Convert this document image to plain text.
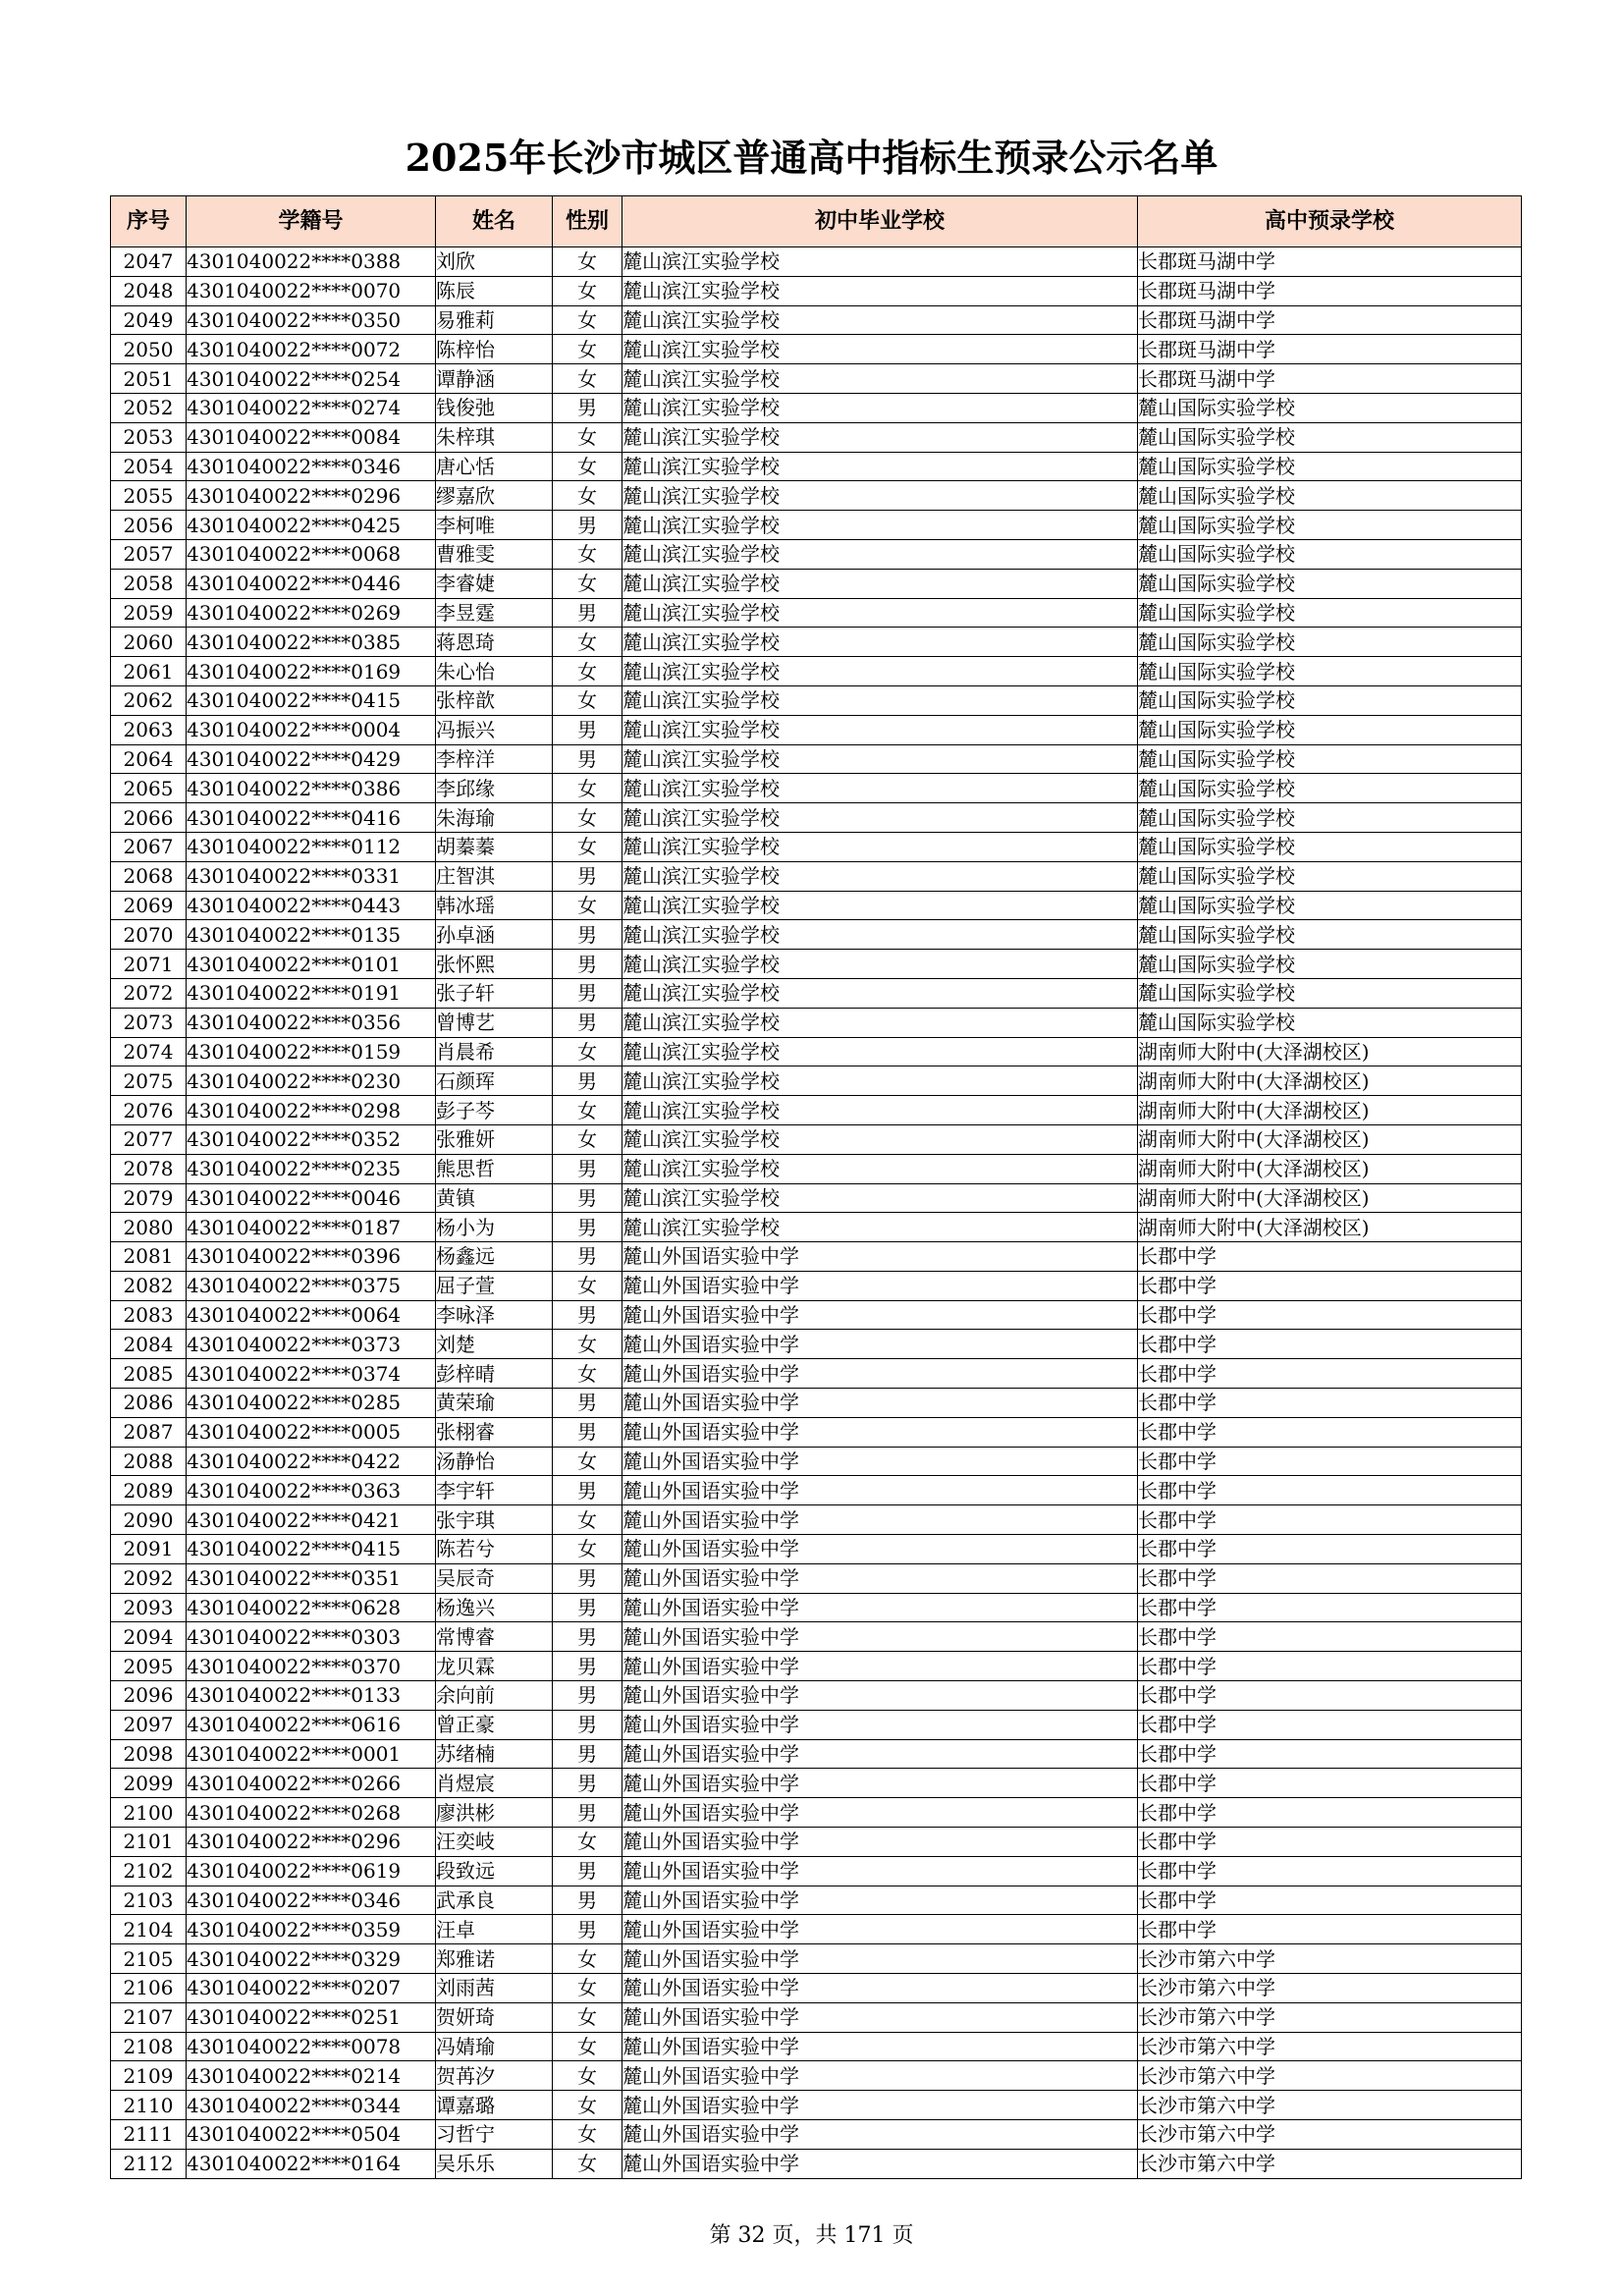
2025年长沙市城区普通高中指标生预录公示名单
序号	学籍号	姓名	性别	初中毕业学校	高中预录学校
2047	4301040022****0388	刘欣	女	麓山滨江实验学校	长郡斑马湖中学
2048	4301040022****0070	陈辰	女	麓山滨江实验学校	长郡斑马湖中学
2049	4301040022****0350	易雅莉	女	麓山滨江实验学校	长郡斑马湖中学
2050	4301040022****0072	陈梓怡	女	麓山滨江实验学校	长郡斑马湖中学
2051	4301040022****0254	谭静涵	女	麓山滨江实验学校	长郡斑马湖中学
2052	4301040022****0274	钱俊弛	男	麓山滨江实验学校	麓山国际实验学校
2053	4301040022****0084	朱梓琪	女	麓山滨江实验学校	麓山国际实验学校
2054	4301040022****0346	唐心恬	女	麓山滨江实验学校	麓山国际实验学校
2055	4301040022****0296	缪嘉欣	女	麓山滨江实验学校	麓山国际实验学校
2056	4301040022****0425	李柯唯	男	麓山滨江实验学校	麓山国际实验学校
2057	4301040022****0068	曹雅雯	女	麓山滨江实验学校	麓山国际实验学校
2058	4301040022****0446	李睿婕	女	麓山滨江实验学校	麓山国际实验学校
2059	4301040022****0269	李昱霆	男	麓山滨江实验学校	麓山国际实验学校
2060	4301040022****0385	蒋恩琦	女	麓山滨江实验学校	麓山国际实验学校
2061	4301040022****0169	朱心怡	女	麓山滨江实验学校	麓山国际实验学校
2062	4301040022****0415	张梓歆	女	麓山滨江实验学校	麓山国际实验学校
2063	4301040022****0004	冯振兴	男	麓山滨江实验学校	麓山国际实验学校
2064	4301040022****0429	李梓洋	男	麓山滨江实验学校	麓山国际实验学校
2065	4301040022****0386	李邱缘	女	麓山滨江实验学校	麓山国际实验学校
2066	4301040022****0416	朱海瑜	女	麓山滨江实验学校	麓山国际实验学校
2067	4301040022****0112	胡蓁蓁	女	麓山滨江实验学校	麓山国际实验学校
2068	4301040022****0331	庄智淇	男	麓山滨江实验学校	麓山国际实验学校
2069	4301040022****0443	韩冰瑶	女	麓山滨江实验学校	麓山国际实验学校
2070	4301040022****0135	孙卓涵	男	麓山滨江实验学校	麓山国际实验学校
2071	4301040022****0101	张怀熙	男	麓山滨江实验学校	麓山国际实验学校
2072	4301040022****0191	张子轩	男	麓山滨江实验学校	麓山国际实验学校
2073	4301040022****0356	曾博艺	男	麓山滨江实验学校	麓山国际实验学校
2074	4301040022****0159	肖晨希	女	麓山滨江实验学校	湖南师大附中(大泽湖校区)
2075	4301040022****0230	石颜珲	男	麓山滨江实验学校	湖南师大附中(大泽湖校区)
2076	4301040022****0298	彭子芩	女	麓山滨江实验学校	湖南师大附中(大泽湖校区)
2077	4301040022****0352	张雅妍	女	麓山滨江实验学校	湖南师大附中(大泽湖校区)
2078	4301040022****0235	熊思哲	男	麓山滨江实验学校	湖南师大附中(大泽湖校区)
2079	4301040022****0046	黄镇	男	麓山滨江实验学校	湖南师大附中(大泽湖校区)
2080	4301040022****0187	杨小为	男	麓山滨江实验学校	湖南师大附中(大泽湖校区)
2081	4301040022****0396	杨鑫远	男	麓山外国语实验中学	长郡中学
2082	4301040022****0375	屈子萱	女	麓山外国语实验中学	长郡中学
2083	4301040022****0064	李咏泽	男	麓山外国语实验中学	长郡中学
2084	4301040022****0373	刘楚	女	麓山外国语实验中学	长郡中学
2085	4301040022****0374	彭梓晴	女	麓山外国语实验中学	长郡中学
2086	4301040022****0285	黄荣瑜	男	麓山外国语实验中学	长郡中学
2087	4301040022****0005	张栩睿	男	麓山外国语实验中学	长郡中学
2088	4301040022****0422	汤静怡	女	麓山外国语实验中学	长郡中学
2089	4301040022****0363	李宇轩	男	麓山外国语实验中学	长郡中学
2090	4301040022****0421	张宇琪	女	麓山外国语实验中学	长郡中学
2091	4301040022****0415	陈若兮	女	麓山外国语实验中学	长郡中学
2092	4301040022****0351	吴辰奇	男	麓山外国语实验中学	长郡中学
2093	4301040022****0628	杨逸兴	男	麓山外国语实验中学	长郡中学
2094	4301040022****0303	常博睿	男	麓山外国语实验中学	长郡中学
2095	4301040022****0370	龙贝霖	男	麓山外国语实验中学	长郡中学
2096	4301040022****0133	余向前	男	麓山外国语实验中学	长郡中学
2097	4301040022****0616	曾正豪	男	麓山外国语实验中学	长郡中学
2098	4301040022****0001	苏绪楠	男	麓山外国语实验中学	长郡中学
2099	4301040022****0266	肖煜宸	男	麓山外国语实验中学	长郡中学
2100	4301040022****0268	廖洪彬	男	麓山外国语实验中学	长郡中学
2101	4301040022****0296	汪奕岐	女	麓山外国语实验中学	长郡中学
2102	4301040022****0619	段致远	男	麓山外国语实验中学	长郡中学
2103	4301040022****0346	武承良	男	麓山外国语实验中学	长郡中学
2104	4301040022****0359	汪卓	男	麓山外国语实验中学	长郡中学
2105	4301040022****0329	郑雅诺	女	麓山外国语实验中学	长沙市第六中学
2106	4301040022****0207	刘雨茜	女	麓山外国语实验中学	长沙市第六中学
2107	4301040022****0251	贺妍琦	女	麓山外国语实验中学	长沙市第六中学
2108	4301040022****0078	冯婧瑜	女	麓山外国语实验中学	长沙市第六中学
2109	4301040022****0214	贺苒汐	女	麓山外国语实验中学	长沙市第六中学
2110	4301040022****0344	谭嘉璐	女	麓山外国语实验中学	长沙市第六中学
2111	4301040022****0504	习哲宁	女	麓山外国语实验中学	长沙市第六中学
2112	4301040022****0164	吴乐乐	女	麓山外国语实验中学	长沙市第六中学
第 32 页，共 171 页
